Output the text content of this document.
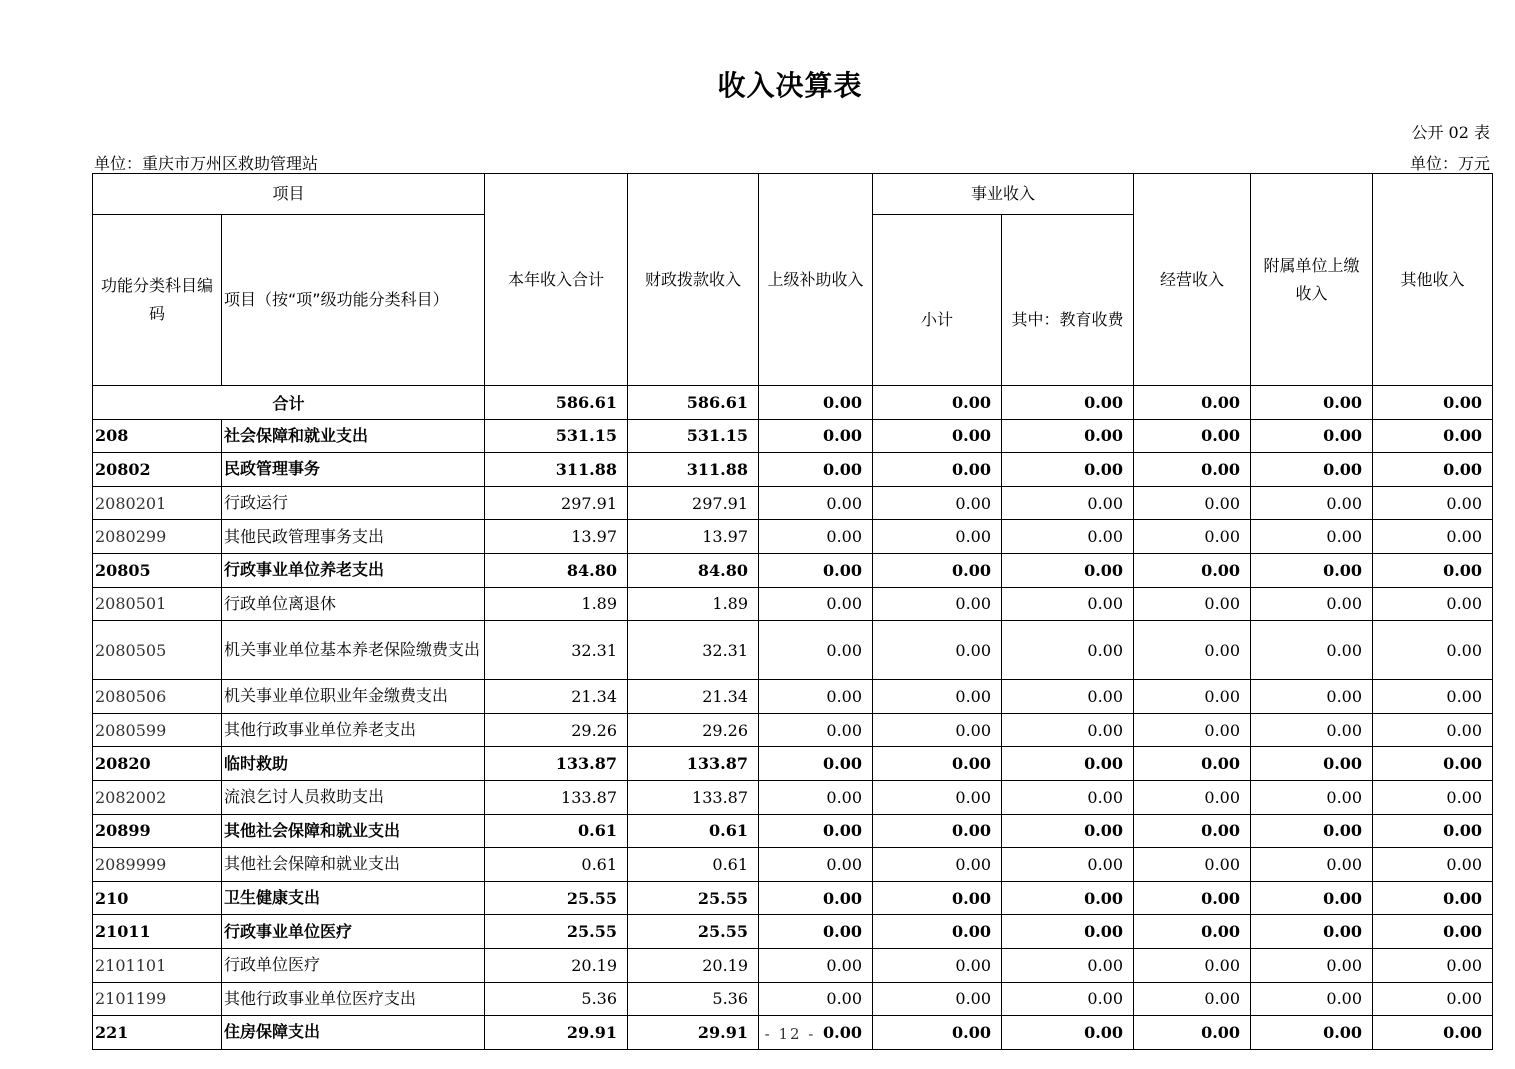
收入决算表
公开 02 表
单位：重庆市万州区救助管理站	单位：万元
项目		本年收入合计	财政拨款收入	上级补助收入	事业收入		经营收入	附属单位上缴收入	其他收入
功能分类科目编码	项目（按“项”级功能分类科目）				小计	其中：教育收费			
合计		586.61	586.61	0.00	0.00	0.00	0.00	0.00	0.00
208	社会保障和就业支出	531.15	531.15	0.00	0.00	0.00	0.00	0.00	0.00
20802	民政管理事务	311.88	311.88	0.00	0.00	0.00	0.00	0.00	0.00
2080201	行政运行	297.91	297.91	0.00	0.00	0.00	0.00	0.00	0.00
2080299	其他民政管理事务支出	13.97	13.97	0.00	0.00	0.00	0.00	0.00	0.00
20805	行政事业单位养老支出	84.80	84.80	0.00	0.00	0.00	0.00	0.00	0.00
2080501	行政单位离退休	1.89	1.89	0.00	0.00	0.00	0.00	0.00	0.00
2080505	机关事业单位基本养老保险缴费支出	32.31	32.31	0.00	0.00	0.00	0.00	0.00	0.00
2080506	机关事业单位职业年金缴费支出	21.34	21.34	0.00	0.00	0.00	0.00	0.00	0.00
2080599	其他行政事业单位养老支出	29.26	29.26	0.00	0.00	0.00	0.00	0.00	0.00
20820	临时救助	133.87	133.87	0.00	0.00	0.00	0.00	0.00	0.00
2082002	流浪乞讨人员救助支出	133.87	133.87	0.00	0.00	0.00	0.00	0.00	0.00
20899	其他社会保障和就业支出	0.61	0.61	0.00	0.00	0.00	0.00	0.00	0.00
2089999	其他社会保障和就业支出	0.61	0.61	0.00	0.00	0.00	0.00	0.00	0.00
210	卫生健康支出	25.55	25.55	0.00	0.00	0.00	0.00	0.00	0.00
21011	行政事业单位医疗	25.55	25.55	0.00	0.00	0.00	0.00	0.00	0.00
2101101	行政单位医疗	20.19	20.19	0.00	0.00	0.00	0.00	0.00	0.00
2101199	其他行政事业单位医疗支出	5.36	5.36	0.00	0.00	0.00	0.00	0.00	0.00
221	住房保障支出	29.91	29.91	0.00	0.00	0.00	0.00	0.00	0.00
- 12 -
